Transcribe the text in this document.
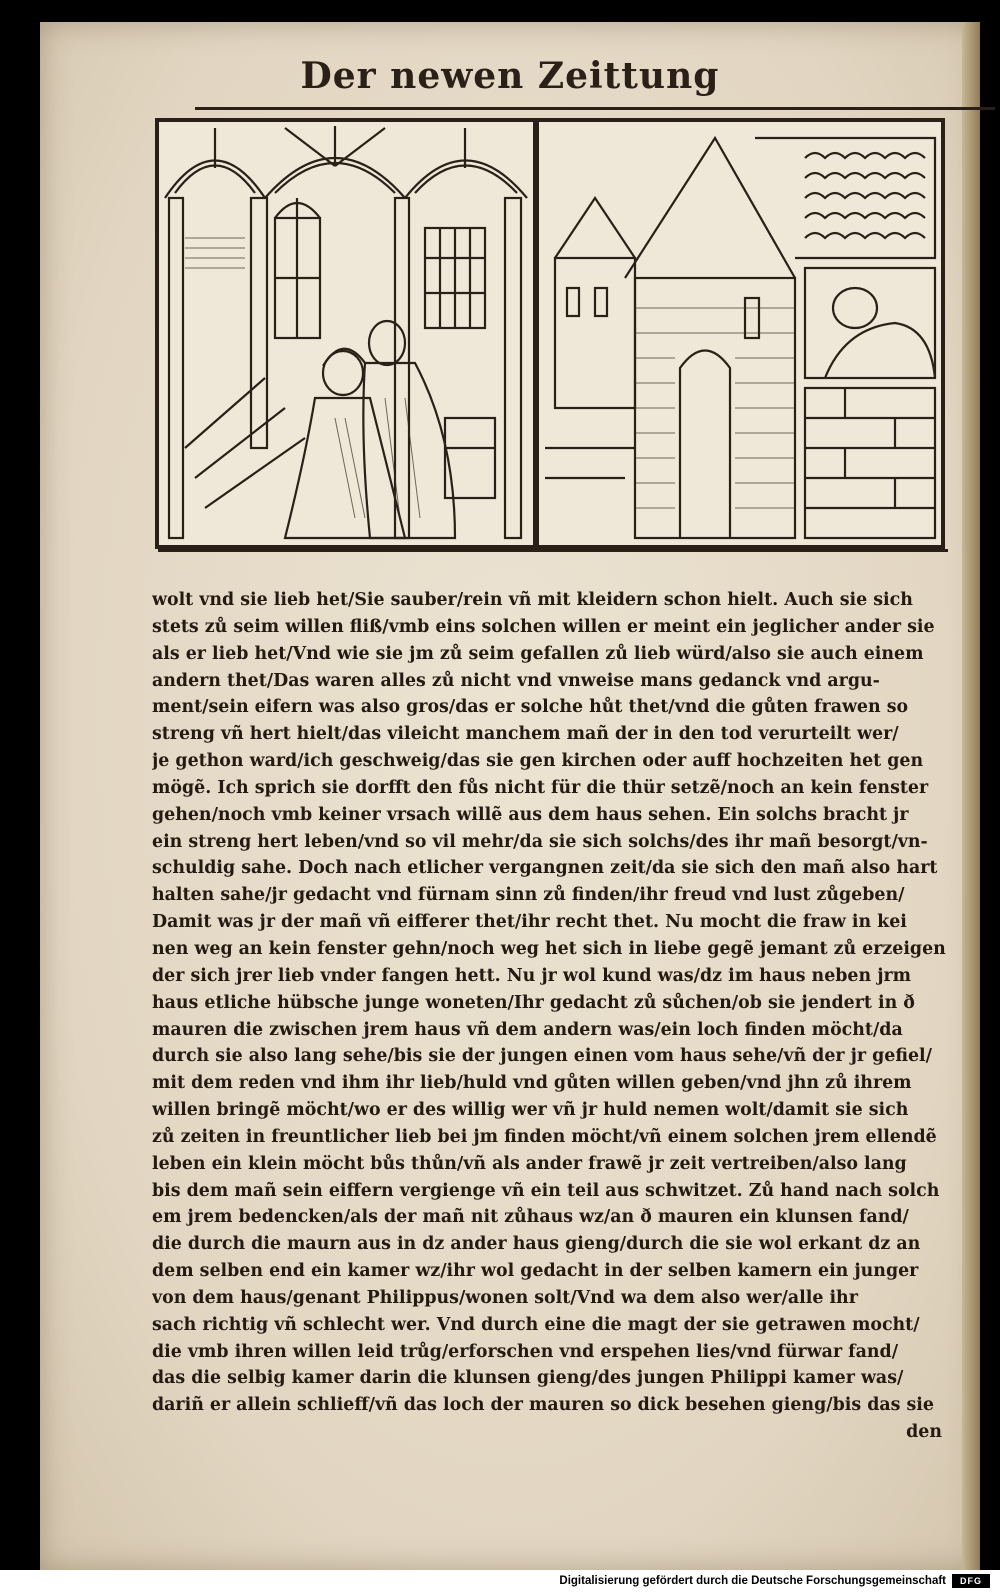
Der newen Zeittung
wolt vnd sie lieb het/Sie sauber/rein vñ mit kleidern schon hielt. Auch sie sich
stets zů seim willen fliß/vmb eins solchen willen er meint ein jeglicher ander sie
als er lieb het/Vnd wie sie jm zů seim gefallen zů lieb würd/also sie auch einem
andern thet/Das waren alles zů nicht vnd vnweise mans gedanck vnd argu-
ment/sein eifern was also gros/das er solche hůt thet/vnd die gůten frawen so
streng vñ hert hielt/das vileicht manchem mañ der in den tod verurteilt wer/
je gethon ward/ich geschweig/das sie gen kirchen oder auff hochzeiten het gen
mögẽ. Ich sprich sie dorfft den fůs nicht für die thür setzẽ/noch an kein fenster
gehen/noch vmb keiner vrsach willẽ aus dem haus sehen. Ein solchs bracht jr
ein streng hert leben/vnd so vil mehr/da sie sich solchs/des ihr mañ besorgt/vn-
schuldig sahe. Doch nach etlicher vergangnen zeit/da sie sich den mañ also hart
halten sahe/jr gedacht vnd fürnam sinn zů finden/ihr freud vnd lust zůgeben/
Damit was jr der mañ vñ eifferer thet/ihr recht thet. Nu mocht die fraw in kei
nen weg an kein fenster gehn/noch weg het sich in liebe gegẽ jemant zů erzeigen
der sich jrer lieb vnder fangen hett. Nu jr wol kund was/dz im haus neben jrm
haus etliche hübsche junge woneten/Ihr gedacht zů sůchen/ob sie jendert in ð
mauren die zwischen jrem haus vñ dem andern was/ein loch finden möcht/da
durch sie also lang sehe/bis sie der jungen einen vom haus sehe/vñ der jr gefiel/
mit dem reden vnd ihm ihr lieb/huld vnd gůten willen geben/vnd jhn zů ihrem
willen bringẽ möcht/wo er des willig wer vñ jr huld nemen wolt/damit sie sich
zů zeiten in freuntlicher lieb bei jm finden möcht/vñ einem solchen jrem ellendẽ
leben ein klein möcht bůs thůn/vñ als ander frawẽ jr zeit vertreiben/also lang
bis dem mañ sein eiffern vergienge vñ ein teil aus schwitzet. Zů hand nach solch
em jrem bedencken/als der mañ nit zůhaus wz/an ð mauren ein klunsen fand/
die durch die maurn aus in dz ander haus gieng/durch die sie wol erkant dz an
dem selben end ein kamer wz/ihr wol gedacht in der selben kamern ein junger
von dem haus/genant Philippus/wonen solt/Vnd wa dem also wer/alle ihr
sach richtig vñ schlecht wer. Vnd durch eine die magt der sie getrawen mocht/
die vmb ihren willen leid trůg/erforschen vnd erspehen lies/vnd fürwar fand/
das die selbig kamer darin die klunsen gieng/des jungen Philippi kamer was/
dariñ er allein schlieff/vñ das loch der mauren so dick besehen gieng/bis das sie
den
Digitalisierung gefördert durch die Deutsche Forschungsgemeinschaft	DFG
